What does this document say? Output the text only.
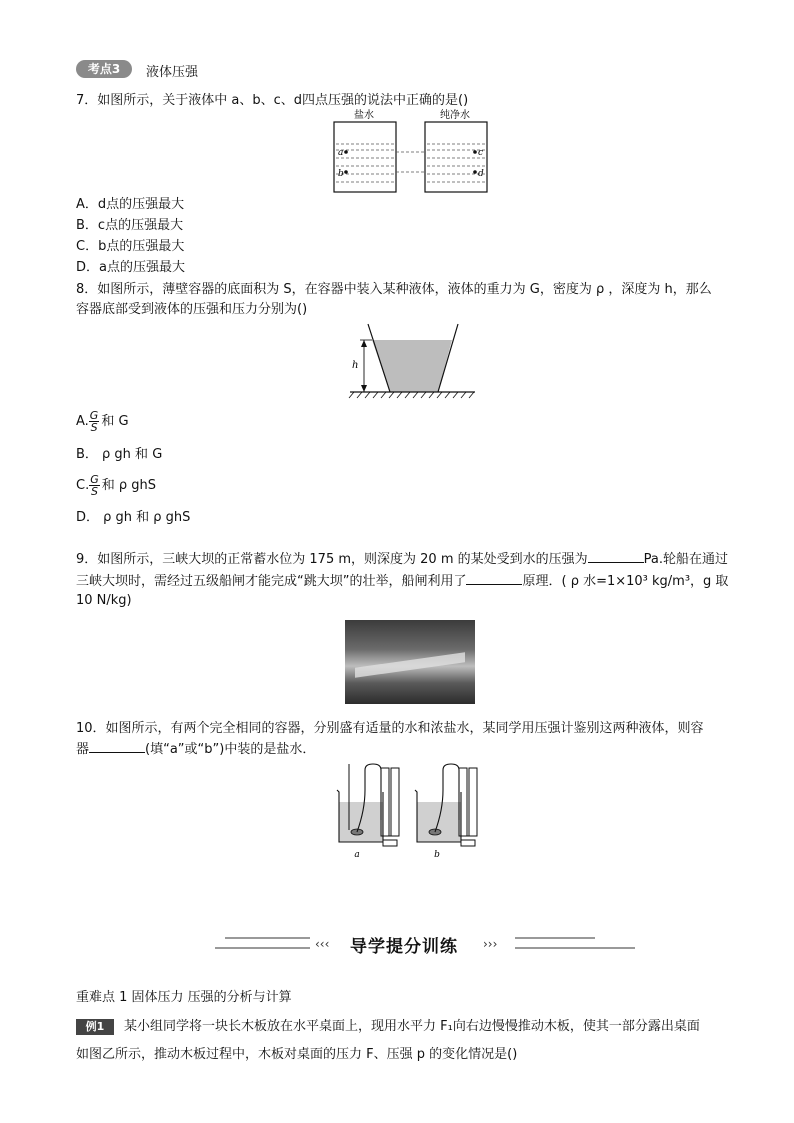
考点3	液体压强
7．如图所示，关于液体中 a、b、c、d四点压强的说法中正确的是()
盐水	纯净水
a
b
c
d
A．d点的压强最大
B．c点的压强最大
C．b点的压强最大
D．a点的压强最大
8．如图所示，薄壁容器的底面积为 S，在容器中装入某种液体，液体的重力为 G，密度为 ρ ，深度为 h，那么
容器底部受到液体的压强和压力分别为()
h
A. $\frac{G}{S}$ 和 G
B． ρ gh 和 G
C. $\frac{G}{S}$ 和 ρ ghS
D． ρ gh 和 ρ ghS
9．如图所示，三峡大坝的正常蓄水位为 175 m，则深度为 20 m 的某处受到水的压强为	Pa.轮船在通过
三峡大坝时，需经过五级船闸才能完成“跳大坝”的壮举，船闸利用了	原理．( ρ 水=1×10³ kg/m³，g 取
10 N/kg)
10．如图所示，有两个完全相同的容器，分别盛有适量的水和浓盐水，某同学用压强计鉴别这两种液体，则容
器	(填“a”或“b”)中装的是盐水．
a	b
‹‹‹	›››
导学提分训练
重难点 1 固体压力 压强的分析与计算
例1	某小组同学将一块长木板放在水平桌面上，现用水平力 F₁向右边慢慢推动木板，使其一部分露出桌面
如图乙所示，推动木板过程中，木板对桌面的压力 F、压强 p 的变化情况是()
